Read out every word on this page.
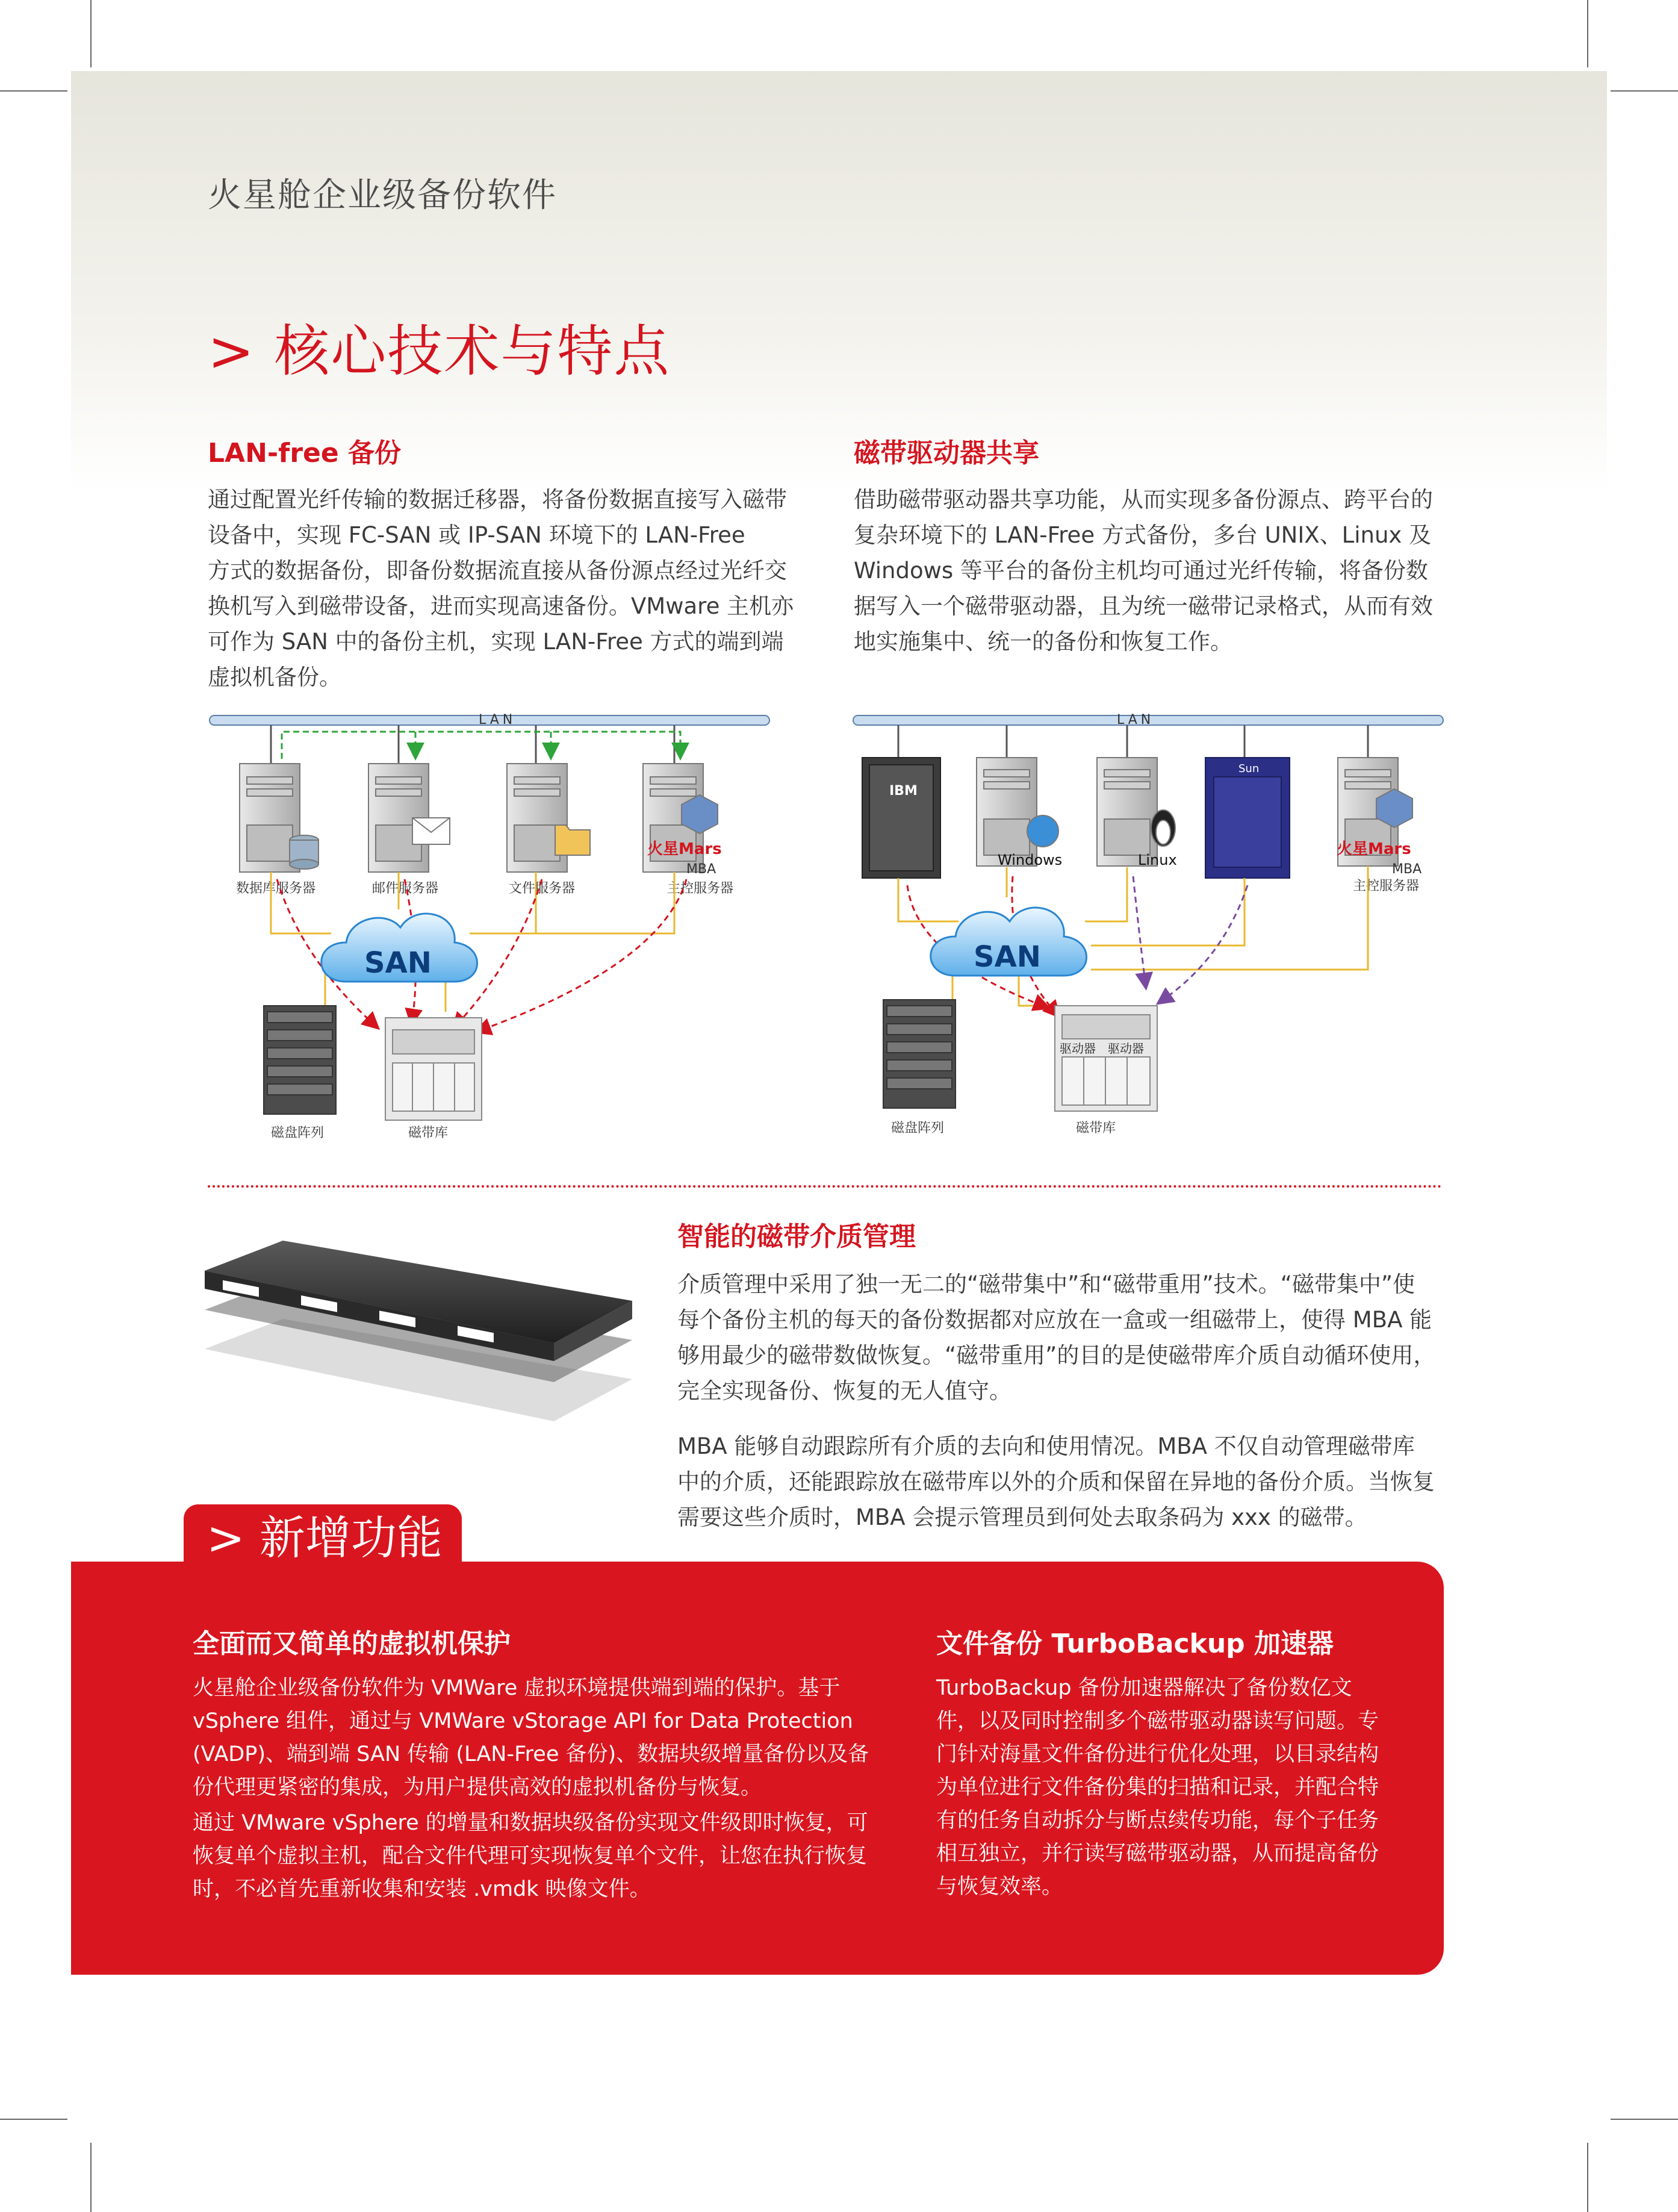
火星舱企业级备份软件
> 核心技术与特点
LAN-free 备份
通过配置光纤传输的数据迁移器，将备份数据直接写入磁带
设备中，实现 FC-SAN 或 IP-SAN 环境下的 LAN-Free
方式的数据备份，即备份数据流直接从备份源点经过光纤交
换机写入到磁带设备，进而实现高速备份。VMware 主机亦
可作为 SAN 中的备份主机，实现 LAN-Free 方式的端到端
虚拟机备份。
磁带驱动器共享
借助磁带驱动器共享功能，从而实现多备份源点、跨平台的
复杂环境下的 LAN-Free 方式备份，多台 UNIX、Linux 及
Windows 等平台的备份主机均可通过光纤传输，将备份数
据写入一个磁带驱动器，且为统一磁带记录格式，从而有效
地实施集中、统一的备份和恢复工作。
LAN
火星Mars
MBA
数据库服务器	邮件服务器	文件服务器	主控服务器
SAN
磁盘阵列	磁带库
LAN
IBM
Windows	Linux
Sun
火星Mars
MBA
主控服务器
SAN
磁盘阵列
驱动器 驱动器
磁带库
智能的磁带介质管理
介质管理中采用了独一无二的“磁带集中”和“磁带重用”技术。“磁带集中”使
每个备份主机的每天的备份数据都对应放在一盒或一组磁带上，使得 MBA 能
够用最少的磁带数做恢复。“磁带重用”的目的是使磁带库介质自动循环使用，
完全实现备份、恢复的无人值守。
MBA 能够自动跟踪所有介质的去向和使用情况。MBA 不仅自动管理磁带库
中的介质，还能跟踪放在磁带库以外的介质和保留在异地的备份介质。当恢复
需要这些介质时，MBA 会提示管理员到何处去取条码为 xxx 的磁带。
> 新增功能
全面而又简单的虚拟机保护
火星舱企业级备份软件为 VMWare 虚拟环境提供端到端的保护。基于
vSphere 组件，通过与 VMWare vStorage API for Data Protection
(VADP)、端到端 SAN 传输 (LAN-Free 备份)、数据块级增量备份以及备
份代理更紧密的集成，为用户提供高效的虚拟机备份与恢复。
通过 VMware vSphere 的增量和数据块级备份实现文件级即时恢复，可
恢复单个虚拟主机，配合文件代理可实现恢复单个文件，让您在执行恢复
时，不必首先重新收集和安装 .vmdk 映像文件。
文件备份 TurboBackup 加速器
TurboBackup 备份加速器解决了备份数亿文
件，以及同时控制多个磁带驱动器读写问题。专
门针对海量文件备份进行优化处理，以目录结构
为单位进行文件备份集的扫描和记录，并配合特
有的任务自动拆分与断点续传功能，每个子任务
相互独立，并行读写磁带驱动器，从而提高备份
与恢复效率。
